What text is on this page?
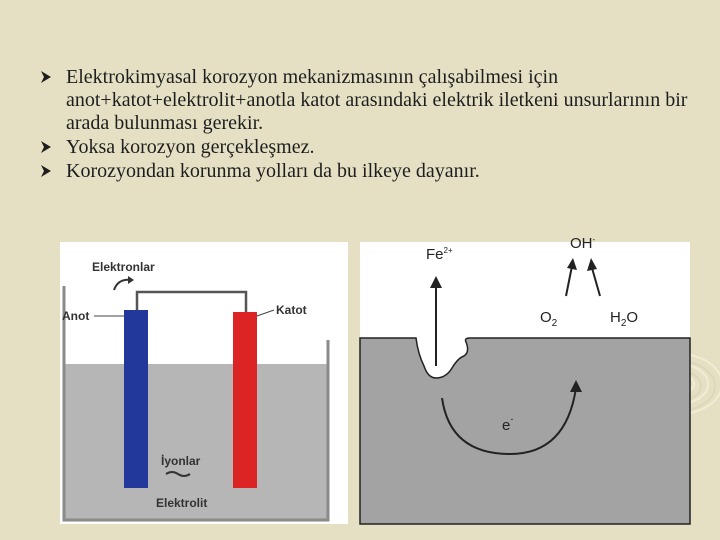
Elektrokimyasal korozyon mekanizmasının çalışabilmesi için anot+katot+elektrolit+anotla katot arasındaki elektrik iletkeni unsurlarının bir arada bulunması gerekir.
Yoksa korozyon gerçekleşmez.
Korozyondan korunma yolları da bu ilkeye dayanır.
Elektronlar
Anot	Katot
İyonlar
Elektrolit
$Fe^{2+}$	OH-
$O_2$	$H_2O$
e-
